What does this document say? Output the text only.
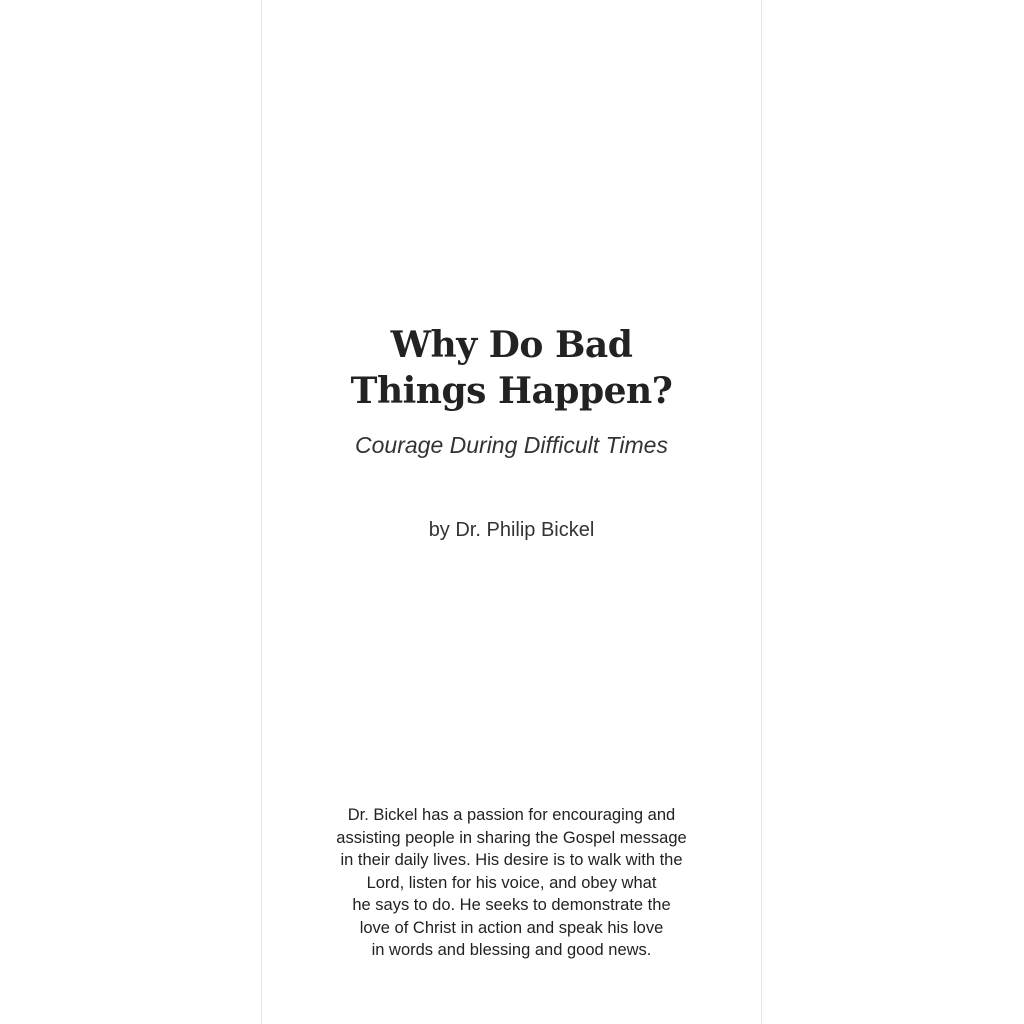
Why Do Bad
Things Happen?
Courage During Difficult Times
by Dr. Philip Bickel
Dr. Bickel has a passion for encouraging and
assisting people in sharing the Gospel message
in their daily lives. His desire is to walk with the
Lord, listen for his voice, and obey what
he says to do. He seeks to demonstrate the
love of Christ in action and speak his love
in words and blessing and good news.
